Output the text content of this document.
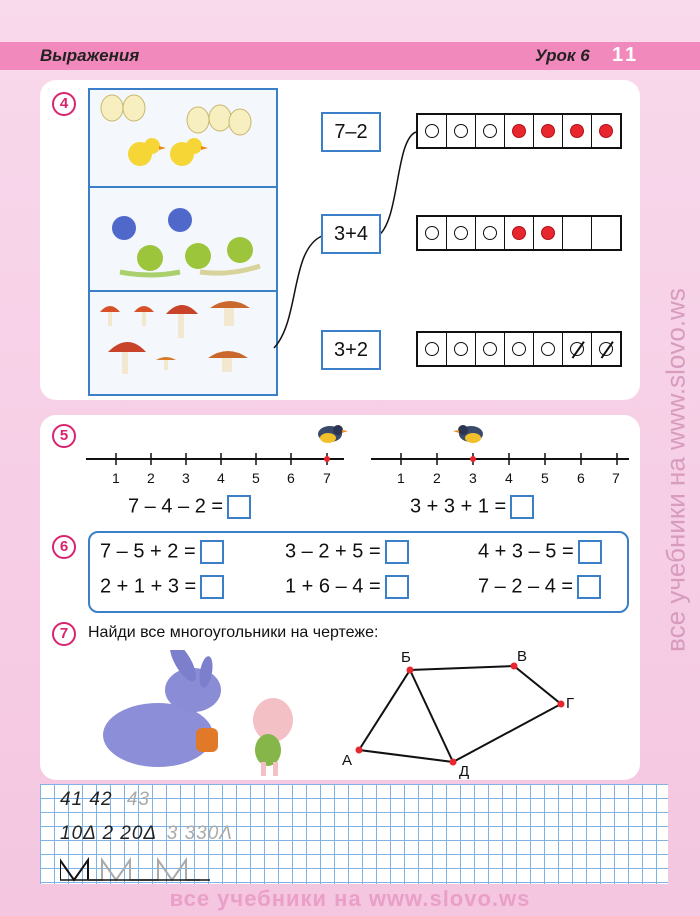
Выражения	Урок 6 11
все учебники на www.slovo.ws
4
7–2
3+4
3+2
5
1 2 3 4 5 6 7	1 2 3 4 5 6 7
7 – 4 – 2 =	3 + 3 + 1 =
6	7 – 5 + 2 =	3 – 2 + 5 =	4 + 3 – 5 =
2 + 1 + 3 =	1 + 6 – 4 =	7 – 2 – 4 =
7	Найди все многоугольники на чертеже:
А
Б	В
Г
Д
41 42 43
10Δ 2 20Δ 3 330Λ
все учебники на www.slovo.ws
